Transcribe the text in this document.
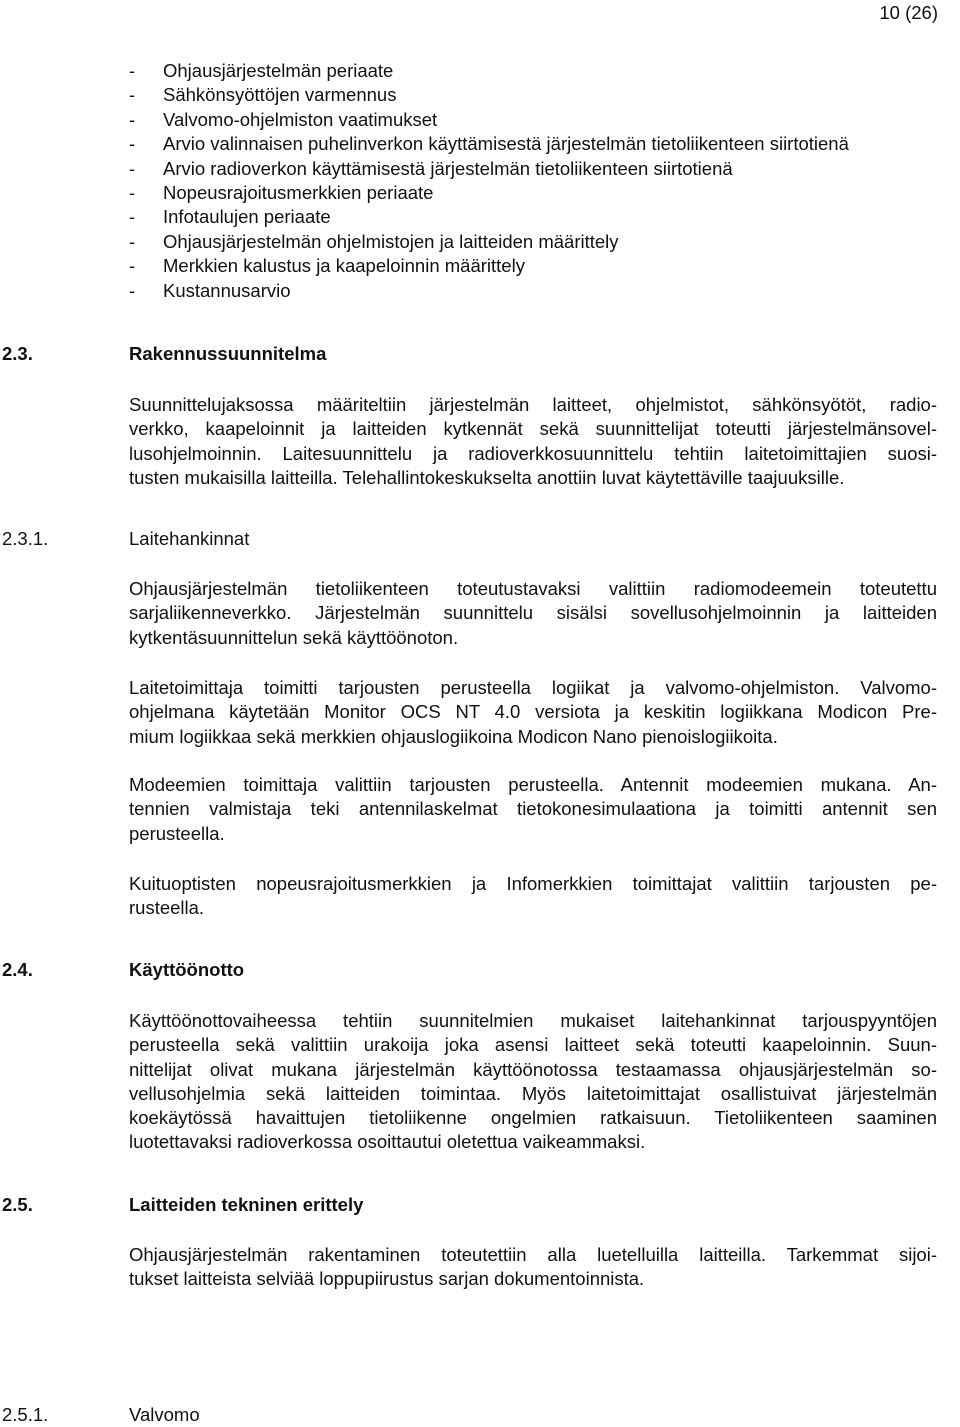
10 (26)
- Ohjausjärjestelmän periaate
- Sähkönsyöttöjen varmennus
- Valvomo-ohjelmiston vaatimukset
- Arvio valinnaisen puhelinverkon käyttämisestä järjestelmän tietoliikenteen siirtotienä
- Arvio radioverkon käyttämisestä järjestelmän tietoliikenteen siirtotienä
- Nopeusrajoitusmerkkien periaate
- Infotaulujen periaate
- Ohjausjärjestelmän ohjelmistojen ja laitteiden määrittely
- Merkkien kalustus ja kaapeloinnin määrittely
- Kustannusarvio
2.3.	Rakennussuunnitelma

Suunnittelujaksossa määriteltiin järjestelmän laitteet, ohjelmistot, sähkönsyötöt, radio-
verkko, kaapeloinnit ja laitteiden kytkennät sekä suunnittelijat toteutti järjestelmänsovel-
lusohjelmoinnin. Laitesuunnittelu ja radioverkkosuunnittelu tehtiin laitetoimittajien suosi-
tusten mukaisilla laitteilla. Telehallintokeskukselta anottiin luvat käytettäville taajuuksille.

2.3.1.	Laitehankinnat

Ohjausjärjestelmän tietoliikenteen toteutustavaksi valittiin radiomodeemein toteutettu
sarjaliikenneverkko. Järjestelmän suunnittelu sisälsi sovellusohjelmoinnin ja laitteiden
kytkentäsuunnittelun sekä käyttöönoton.

Laitetoimittaja toimitti tarjousten perusteella logiikat ja valvomo-ohjelmiston. Valvomo-
ohjelmana käytetään Monitor OCS NT 4.0 versiota ja keskitin logiikkana Modicon Pre-
mium logiikkaa sekä merkkien ohjauslogiikoina Modicon Nano pienoislogiikoita.

Modeemien toimittaja valittiin tarjousten perusteella. Antennit modeemien mukana. An-
tennien valmistaja teki antennilaskelmat tietokonesimulaationa ja toimitti antennit sen
perusteella.

Kuituoptisten nopeusrajoitusmerkkien ja Infomerkkien toimittajat valittiin tarjousten pe-
rusteella.

2.4.	Käyttöönotto

Käyttöönottovaiheessa tehtiin suunnitelmien mukaiset laitehankinnat tarjouspyyntöjen
perusteella sekä valittiin urakoija joka asensi laitteet sekä toteutti kaapeloinnin. Suun-
nittelijat olivat mukana järjestelmän käyttöönotossa testaamassa ohjausjärjestelmän so-
vellusohjelmia sekä laitteiden toimintaa. Myös laitetoimittajat osallistuivat järjestelmän
koekäytössä havaittujen tietoliikenne ongelmien ratkaisuun. Tietoliikenteen saaminen
luotettavaksi radioverkossa osoittautui oletettua vaikeammaksi.

2.5.	Laitteiden tekninen erittely

Ohjausjärjestelmän rakentaminen toteutettiin alla luetelluilla laitteilla. Tarkemmat sijoi-
tukset laitteista selviää loppupiirustus sarjan dokumentoinnista.

2.5.1.	Valvomo
